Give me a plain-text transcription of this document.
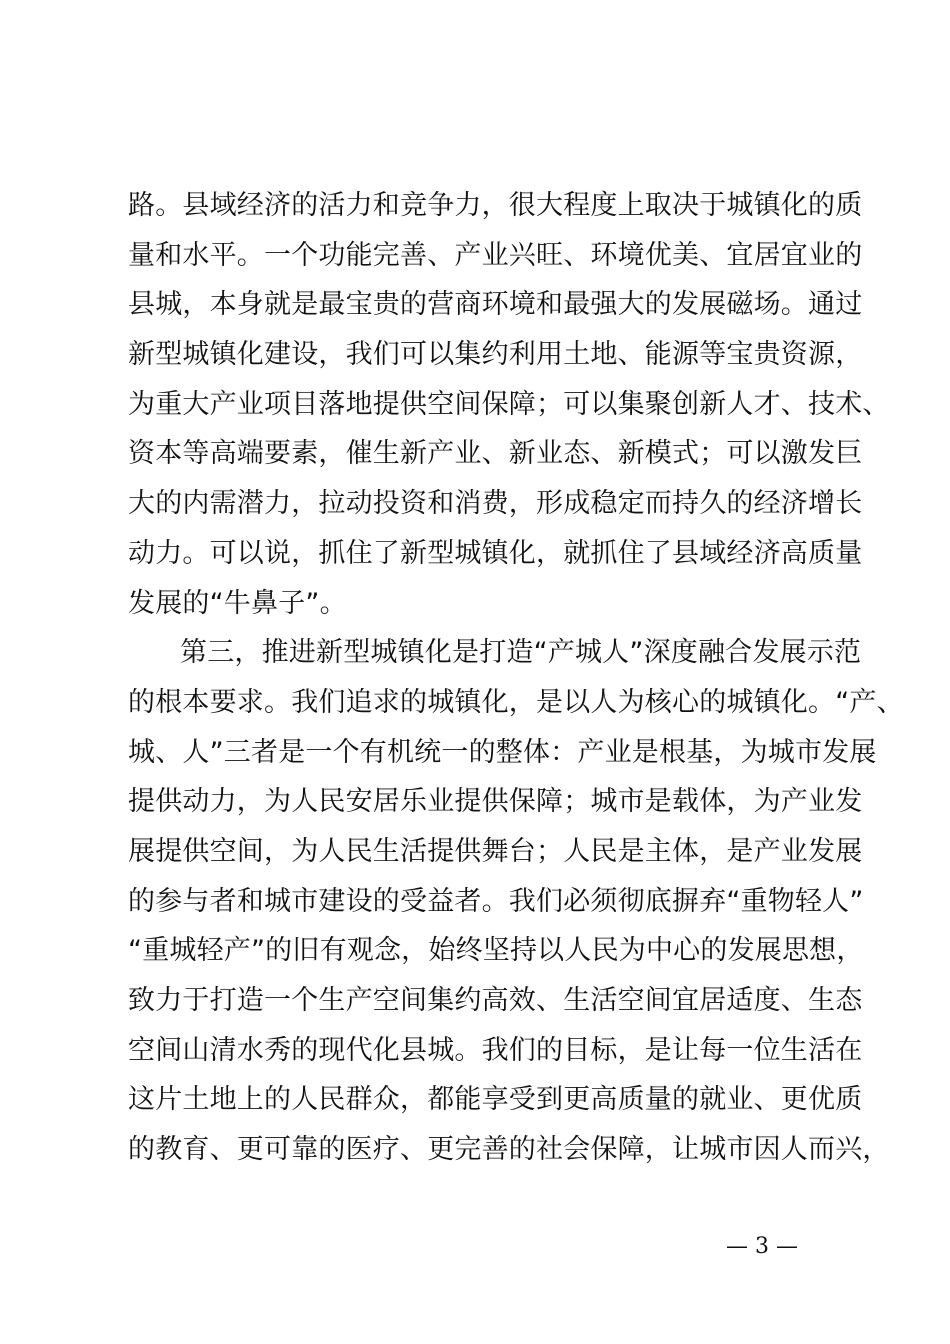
路。县域经济的活力和竞争力，很大程度上取决于城镇化的质
量和水平。一个功能完善、产业兴旺、环境优美、宜居宜业的
县城，本身就是最宝贵的营商环境和最强大的发展磁场。通过
新型城镇化建设，我们可以集约利用土地、能源等宝贵资源，
为重大产业项目落地提供空间保障；可以集聚创新人才、技术、
资本等高端要素，催生新产业、新业态、新模式；可以激发巨
大的内需潜力，拉动投资和消费，形成稳定而持久的经济增长
动力。可以说，抓住了新型城镇化，就抓住了县域经济高质量
发展的“牛鼻子”。
第三，推进新型城镇化是打造“产城人”深度融合发展示范
的根本要求。我们追求的城镇化，是以人为核心的城镇化。“产、
城、人”三者是一个有机统一的整体：产业是根基，为城市发展
提供动力，为人民安居乐业提供保障；城市是载体，为产业发
展提供空间，为人民生活提供舞台；人民是主体，是产业发展
的参与者和城市建设的受益者。我们必须彻底摒弃“重物轻人”
“重城轻产”的旧有观念，始终坚持以人民为中心的发展思想，
致力于打造一个生产空间集约高效、生活空间宜居适度、生态
空间山清水秀的现代化县城。我们的目标，是让每一位生活在
这片土地上的人民群众，都能享受到更高质量的就业、更优质
的教育、更可靠的医疗、更完善的社会保障，让城市因人而兴，
— 3 —
